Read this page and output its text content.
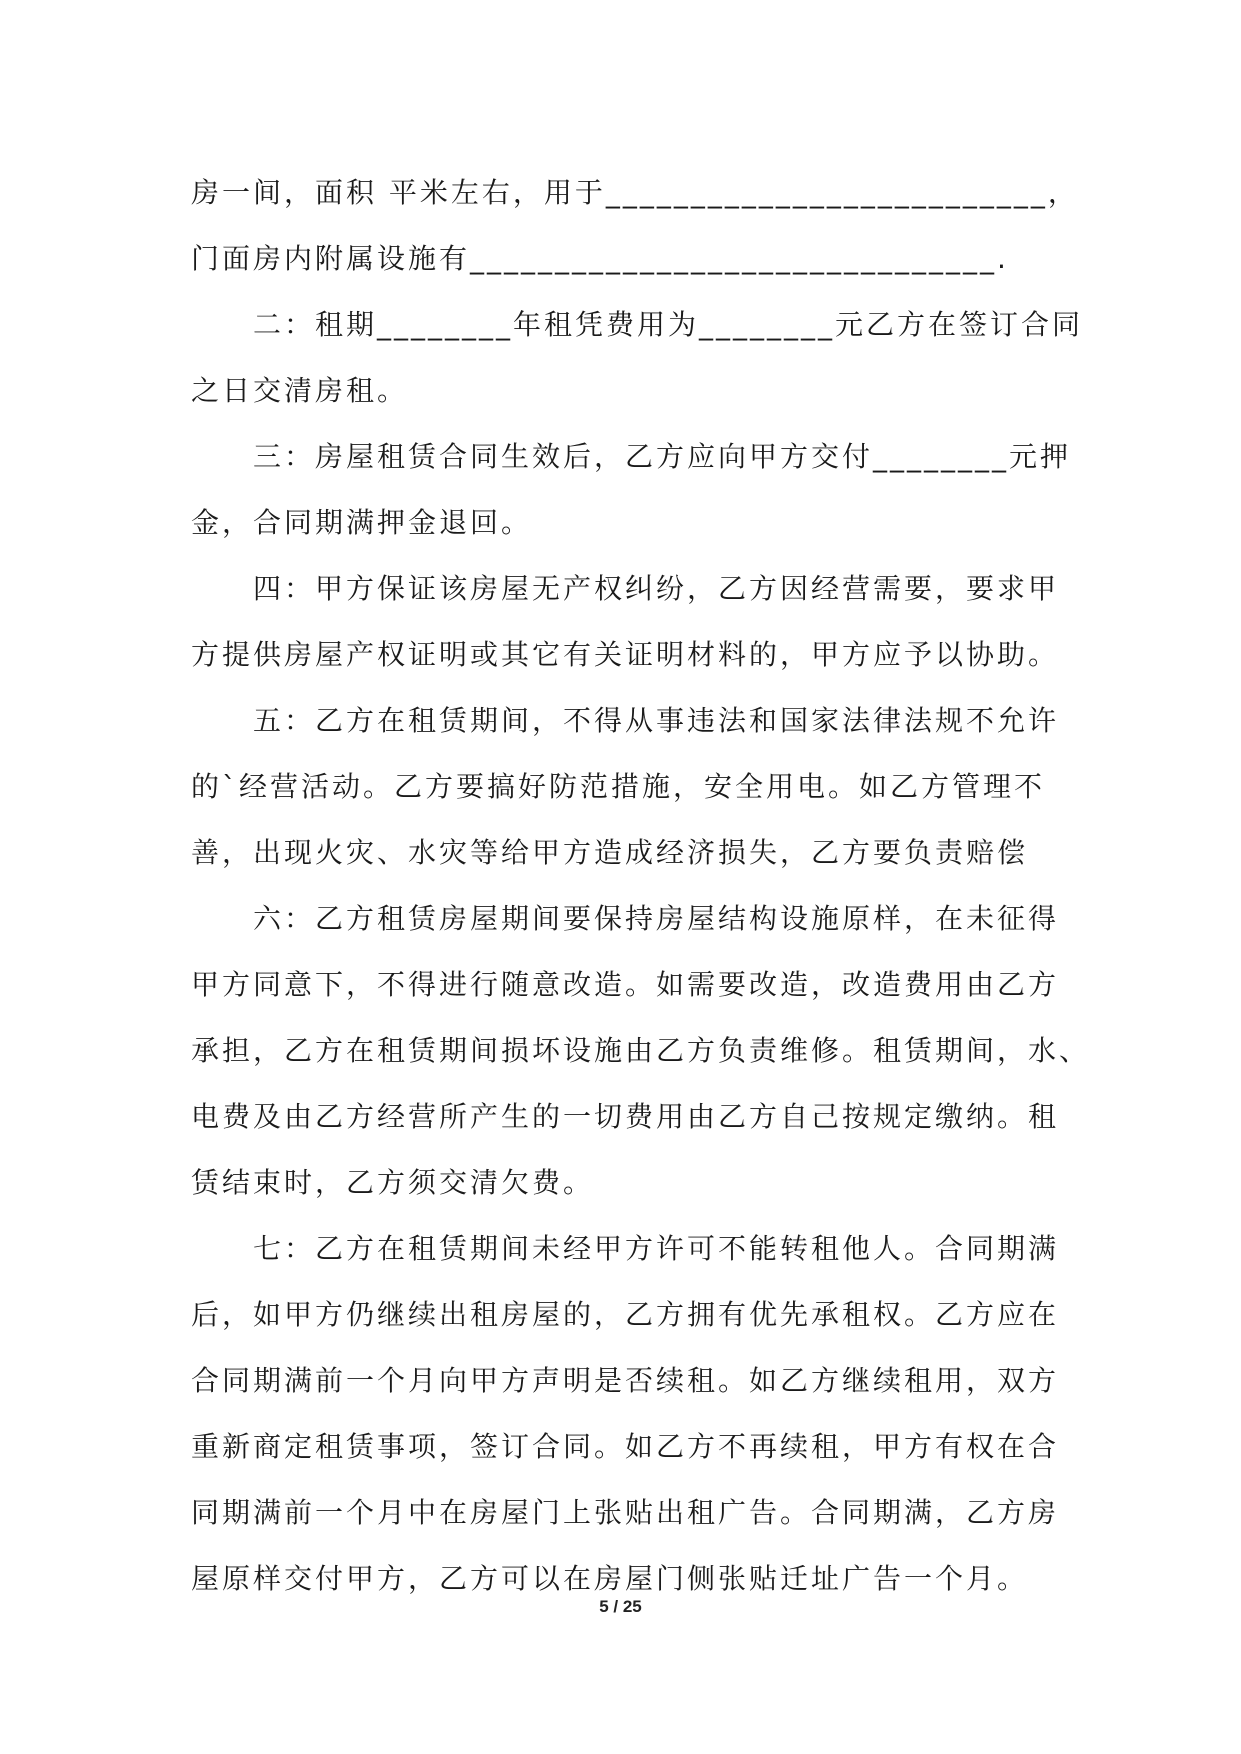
房一间，面积 平米左右，用于__________________________，
门面房内附属设施有_______________________________.
　　二：租期________年租凭费用为________元乙方在签订合同
之日交清房租。
　　三：房屋租赁合同生效后，乙方应向甲方交付________元押
金，合同期满押金退回。
　　四：甲方保证该房屋无产权纠纷，乙方因经营需要，要求甲
方提供房屋产权证明或其它有关证明材料的，甲方应予以协助。
　　五：乙方在租赁期间，不得从事违法和国家法律法规不允许
的`经营活动。乙方要搞好防范措施，安全用电。如乙方管理不
善，出现火灾、水灾等给甲方造成经济损失，乙方要负责赔偿
　　六：乙方租赁房屋期间要保持房屋结构设施原样，在未征得
甲方同意下，不得进行随意改造。如需要改造，改造费用由乙方
承担，乙方在租赁期间损坏设施由乙方负责维修。租赁期间，水、
电费及由乙方经营所产生的一切费用由乙方自己按规定缴纳。租
赁结束时，乙方须交清欠费。
　　七：乙方在租赁期间未经甲方许可不能转租他人。合同期满
后，如甲方仍继续出租房屋的，乙方拥有优先承租权。乙方应在
合同期满前一个月向甲方声明是否续租。如乙方继续租用，双方
重新商定租赁事项，签订合同。如乙方不再续租，甲方有权在合
同期满前一个月中在房屋门上张贴出租广告。合同期满，乙方房
屋原样交付甲方，乙方可以在房屋门侧张贴迁址广告一个月。
5 / 25
